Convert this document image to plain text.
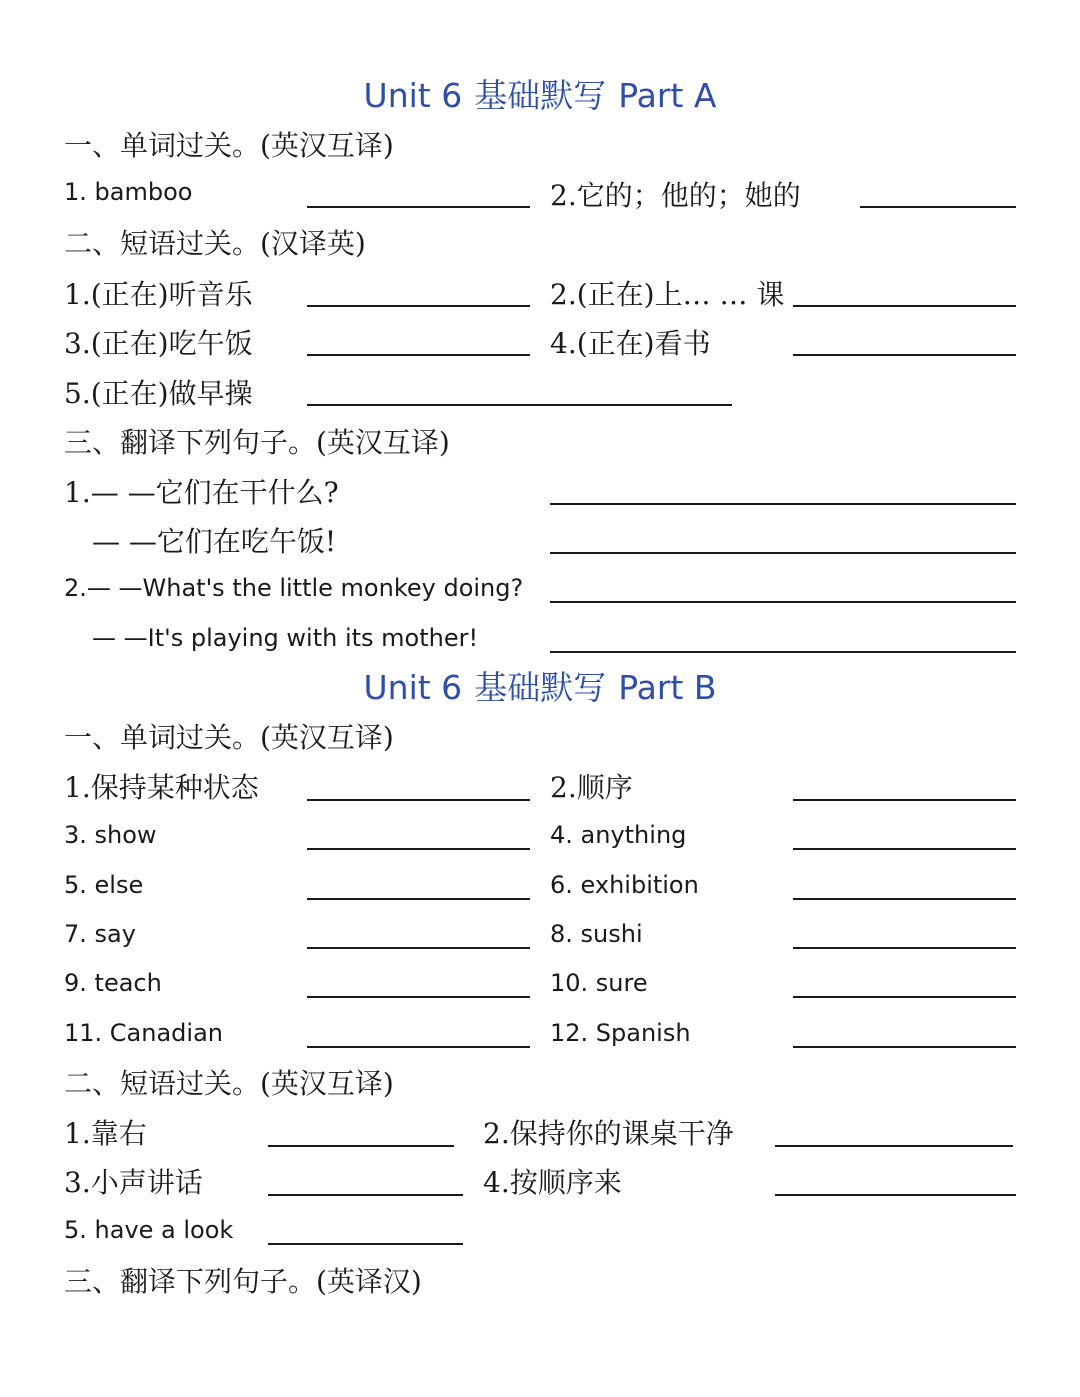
Unit 6 基础默写 Part A
一、单词过关。(英汉互译)
1. bamboo	2.它的；他的；她的
二、短语过关。(汉译英)
1.(正在)听音乐	2.(正在)上… … 课
3.(正在)吃午饭	4.(正在)看书
5.(正在)做早操
三、翻译下列句子。(英汉互译)
1.— —它们在干什么?
— —它们在吃午饭!
2.— —What's the little monkey doing?
— —It's playing with its mother!
Unit 6 基础默写 Part B
一、单词过关。(英汉互译)
1.保持某种状态	2.顺序
3. show	4. anything
5. else	6. exhibition
7. say	8. sushi
9. teach	10. sure
11. Canadian	12. Spanish
二、短语过关。(英汉互译)
1.靠右	2.保持你的课桌干净
3.小声讲话	4.按顺序来
5. have a look
三、翻译下列句子。(英译汉)
